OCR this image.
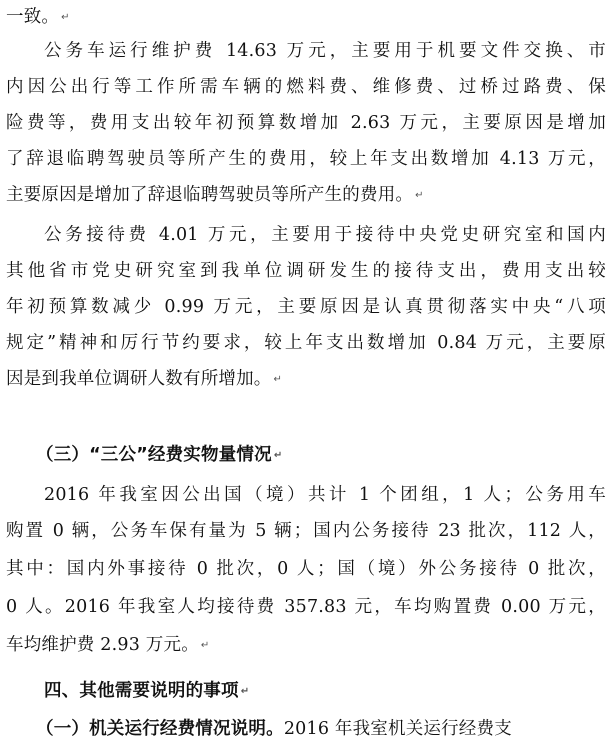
一致。 ↵
公务车运行维护费 14.63 万元，主要用于机要文件交换、市
内因公出行等工作所需车辆的燃料费、维修费、过桥过路费、保
险费等，费用支出较年初预算数增加 2.63 万元，主要原因是增加
了辞退临聘驾驶员等所产生的费用，较上年支出数增加 4.13 万元，
主要原因是增加了辞退临聘驾驶员等所产生的费用。 ↵
公务接待费 4.01 万元，主要用于接待中央党史研究室和国内
其他省市党史研究室到我单位调研发生的接待支出，费用支出较
年初预算数减少 0.99 万元，主要原因是认真贯彻落实中央“八项
规定”精神和厉行节约要求，较上年支出数增加 0.84 万元，主要原
因是到我单位调研人数有所增加。 ↵
（三）“三公”经费实物量情况 ↵
2016 年我室因公出国（境）共计 1 个团组，1 人；公务用车
购置 0 辆，公务车保有量为 5 辆；国内公务接待 23 批次，112 人，
其中：国内外事接待 0 批次，0 人；国（境）外公务接待 0 批次，
0 人。2016 年我室人均接待费 357.83 元，车均购置费 0.00 万元，
车均维护费 2.93 万元。 ↵
四、其他需要说明的事项 ↵
（一）机关运行经费情况说明。2016 年我室机关运行经费支
